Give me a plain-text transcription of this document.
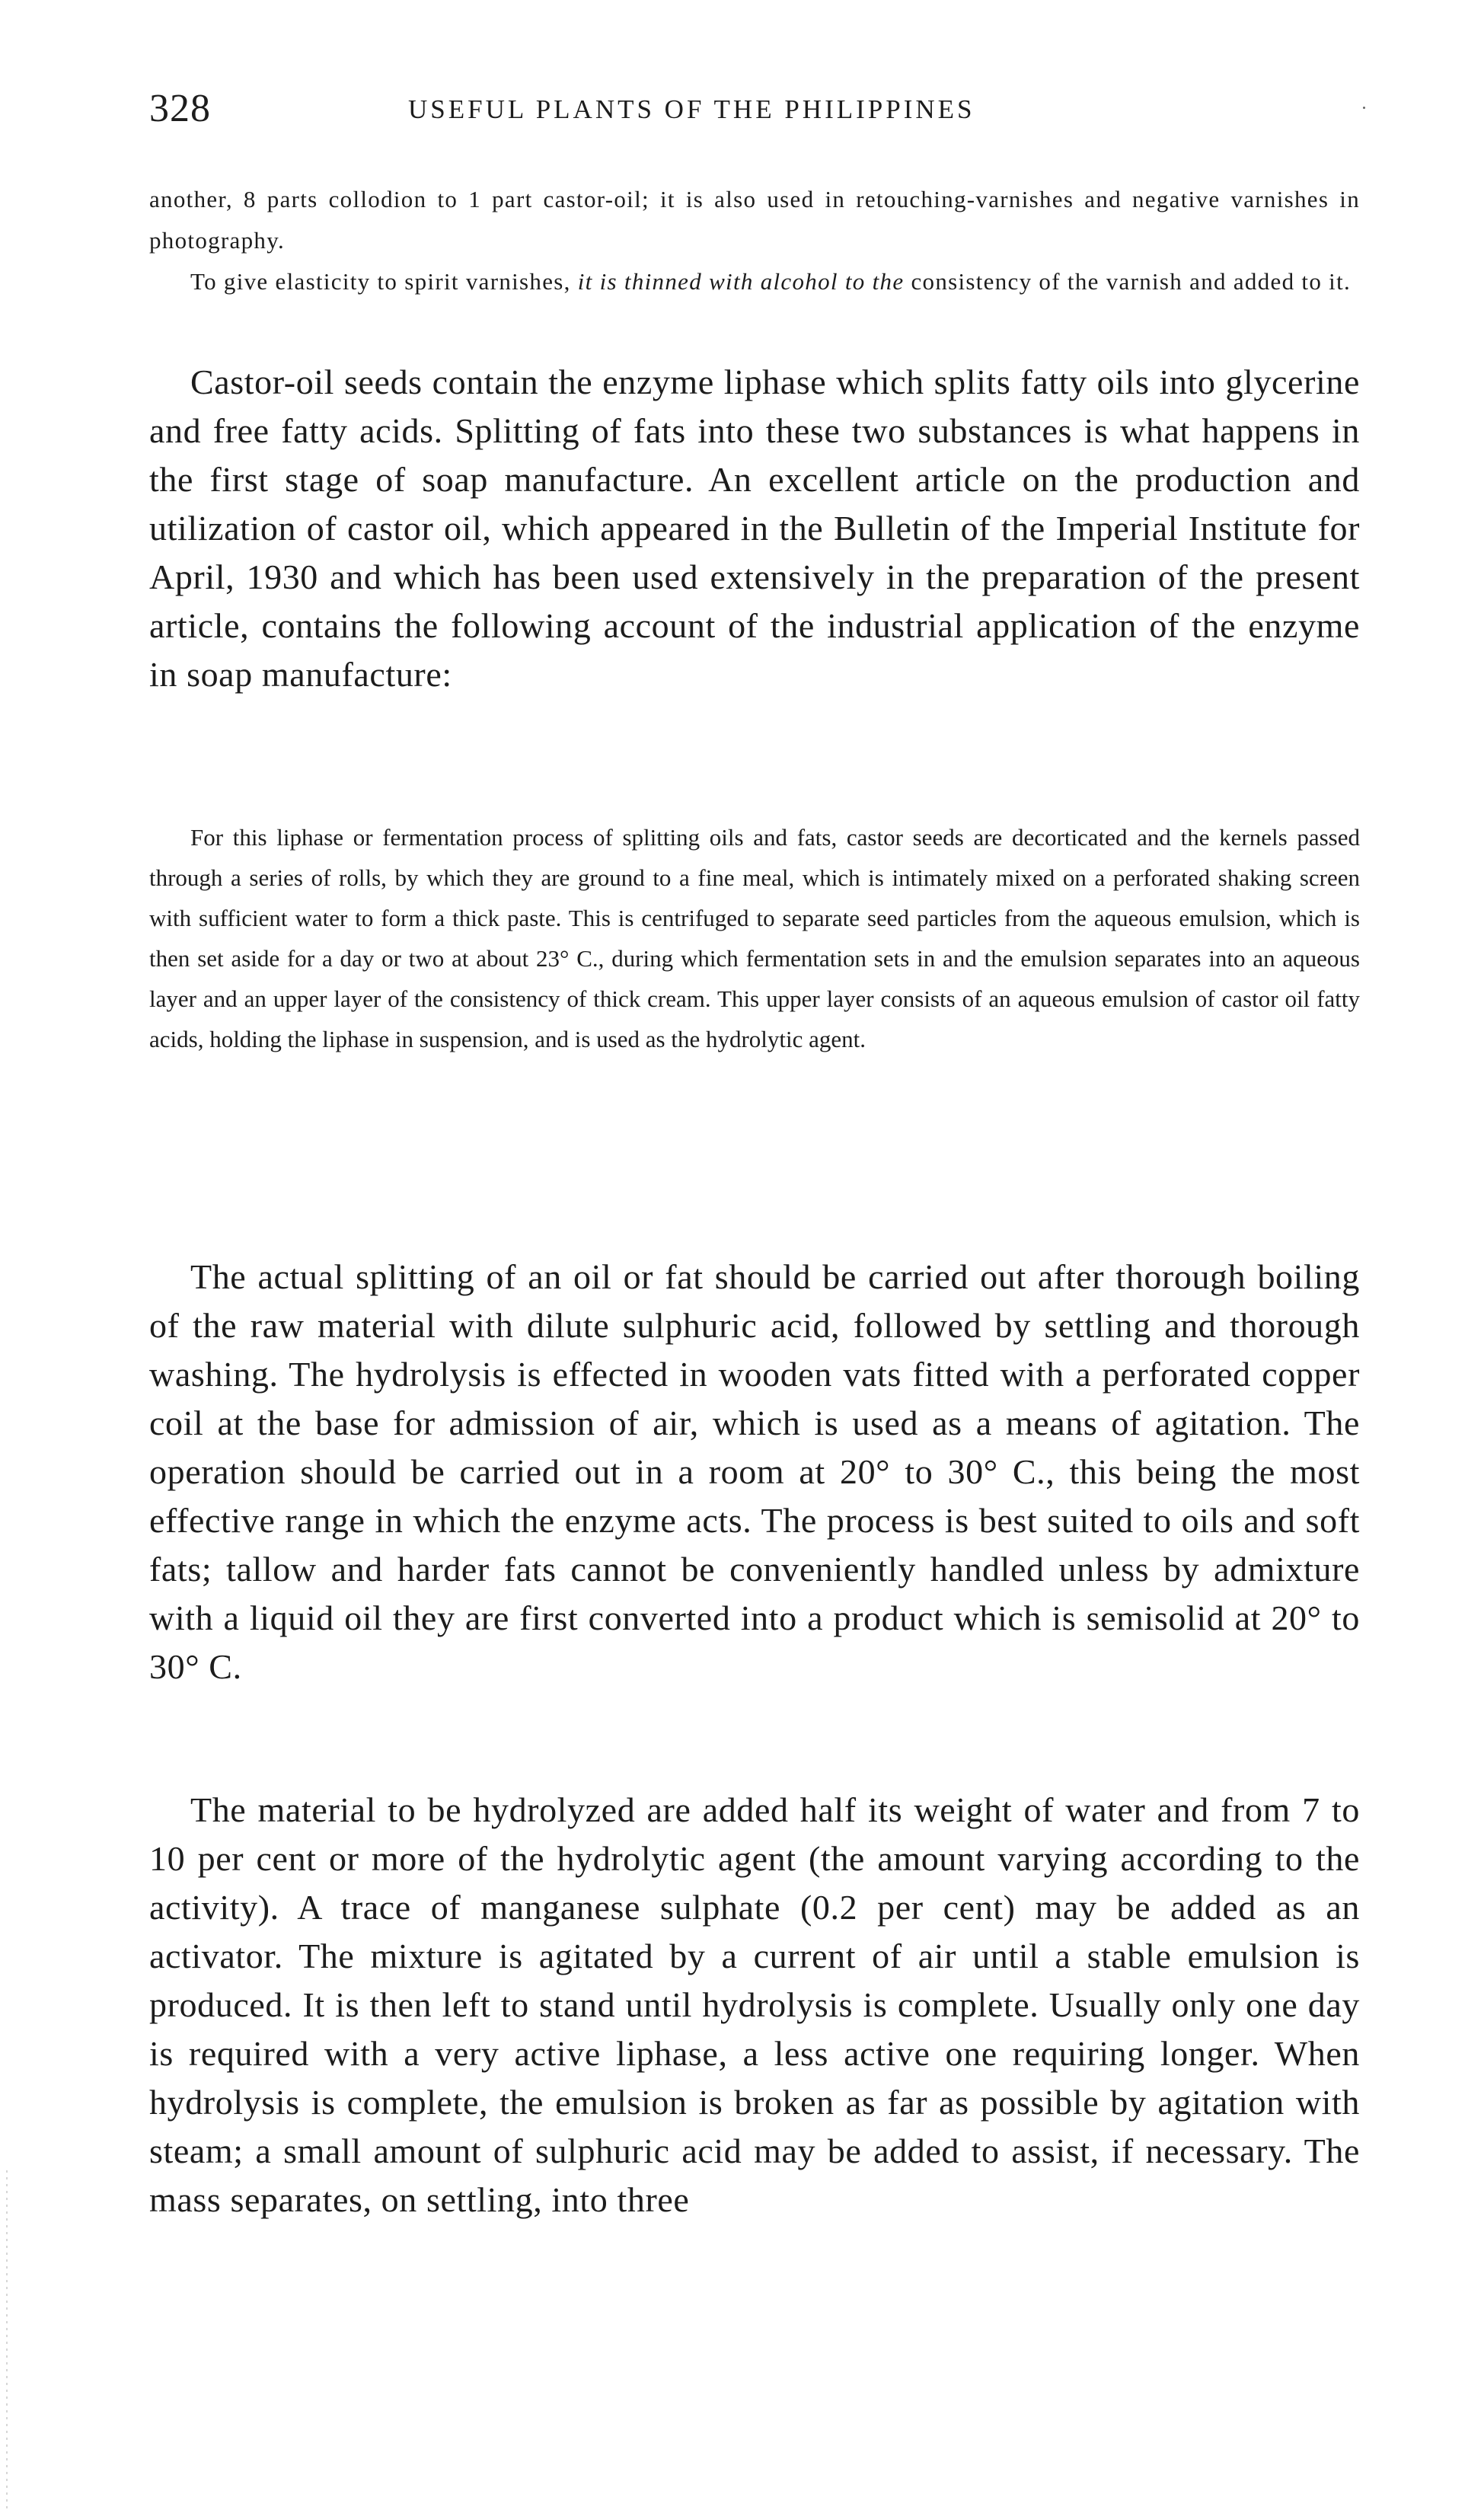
328	USEFUL PLANTS OF THE PHILIPPINES

another, 8 parts collodion to 1 part castor-oil; it is also used in retouching-varnishes and negative varnishes in photography.

To give elasticity to spirit varnishes, it is thinned with alcohol to the consistency of the varnish and added to it.

Castor-oil seeds contain the enzyme liphase which splits fatty oils into glycerine and free fatty acids. Splitting of fats into these two substances is what happens in the first stage of soap manufacture. An excellent article on the production and utilization of castor oil, which appeared in the Bulletin of the Imperial Institute for April, 1930 and which has been used extensively in the preparation of the present article, contains the following account of the industrial application of the enzyme in soap manufacture:
For this liphase or fermentation process of splitting oils and fats, castor seeds are decorticated and the kernels passed through a series of rolls, by which they are ground to a fine meal, which is intimately mixed on a perforated shaking screen with sufficient water to form a thick paste. This is centrifuged to separate seed particles from the aqueous emulsion, which is then set aside for a day or two at about 23° C., during which fermentation sets in and the emulsion separates into an aqueous layer and an upper layer of the consistency of thick cream. This upper layer consists of an aqueous emulsion of castor oil fatty acids, holding the liphase in suspension, and is used as the hydrolytic agent.
The actual splitting of an oil or fat should be carried out after thorough boiling of the raw material with dilute sulphuric acid, followed by settling and thorough washing. The hydrolysis is effected in wooden vats fitted with a perforated copper coil at the base for admission of air, which is used as a means of agitation. The operation should be carried out in a room at 20° to 30° C., this being the most effective range in which the enzyme acts. The process is best suited to oils and soft fats; tallow and harder fats cannot be conveniently handled unless by admixture with a liquid oil they are first converted into a product which is semisolid at 20° to 30° C.
The material to be hydrolyzed are added half its weight of water and from 7 to 10 per cent or more of the hydrolytic agent (the amount varying according to the activity). A trace of manganese sulphate (0.2 per cent) may be added as an activator. The mixture is agitated by a current of air until a stable emulsion is produced. It is then left to stand until hydrolysis is complete. Usually only one day is required with a very active liphase, a less active one requiring longer. When hydrolysis is complete, the emulsion is broken as far as possible by agitation with steam; a small amount of sulphuric acid may be added to assist, if necessary. The mass separates, on settling, into three
